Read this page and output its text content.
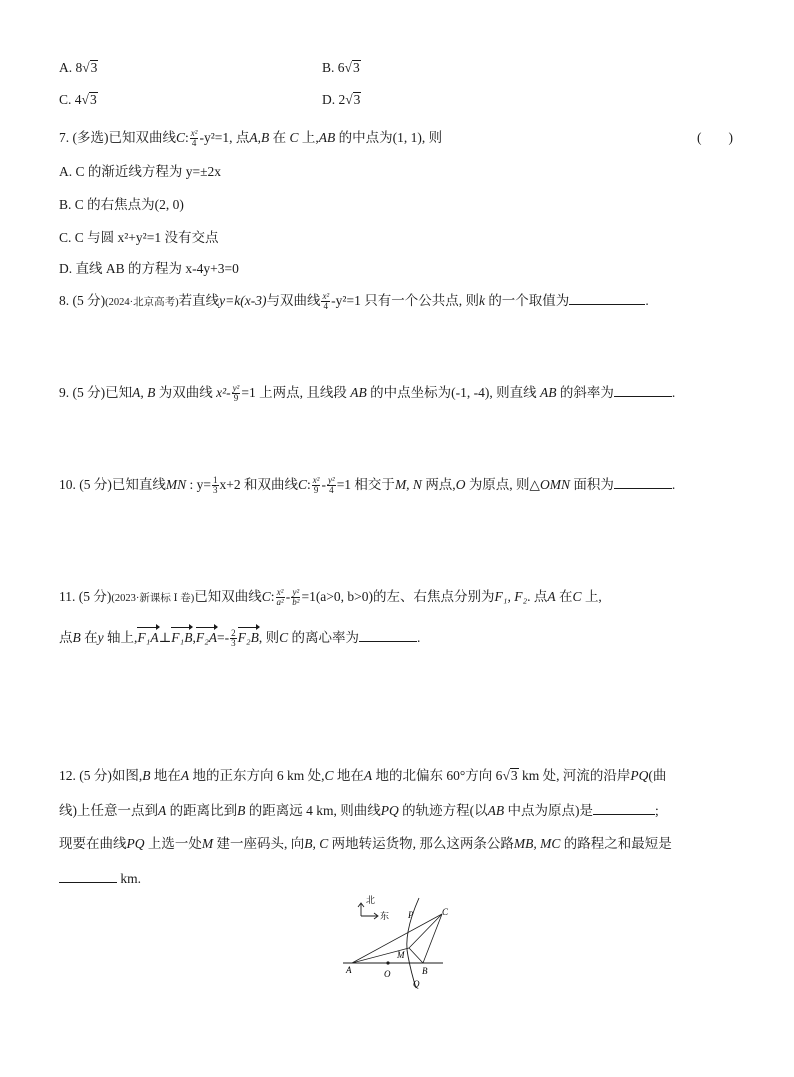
A. 8√3	B. 6√3
C. 4√3	D. 2√3
7. (多选)已知双曲线C: $\frac{\text{x²}}{4} -y^2=1$, 点A,B 在 C 上,AB 的中点为(1, 1), 则	(　　)
A. C 的渐近线方程为 y=±2x
B. C 的右焦点为(2, 0)
C. C 与圆 x²+y²=1 没有交点
D. 直线 AB 的方程为 x-4y+3=0
8. (5 分)(2024·北京高考)若直线y=k(x-3)与双曲线 $\frac{\text{x²}}{4} -y^2=1$ 只有一个公共点, 则k 的一个取值为	.
9. (5 分)已知A, B 为双曲线 $x^2- \frac{\text{y²}}{9} =1$ 上两点, 且线段 AB 的中点坐标为(-1, -4), 则直线 AB 的斜率为	.
10. (5 分)已知直线MN : $y= \frac{1}{3} x+2$ 和双曲线C: $\frac{\text{x²}}{9} - \frac{\text{y²}}{4} =1$ 相交于M, N 两点,O 为原点, 则△OMN 面积为	.
11. (5 分)(2023·新课标 Ⅰ 卷)已知双曲线C: $\frac{\text{x²}}{\text{a²}} - \frac{\text{y²}}{\text{b²}} =1(a>0$, b>0)的左、右焦点分别为F₁, F₂. 点A 在C 上,
点B 在y 轴上,F₁A⊥F₁B,F₂A=- $\frac{2}{3} F_2B$, 则C 的离心率为	.
12. (5 分)如图,B 地在A 地的正东方向 6 km 处,C 地在A 地的北偏东 60°方向 6√3 km 处, 河流的沿岸PQ(曲
线)上任意一点到A 的距离比到B 的距离远 4 km, 则曲线PQ 的轨迹方程(以AB 中点为原点)是	;
现要在曲线PQ 上选一处M 建一座码头, 向B, C 两地转运货物, 那么这两条公路MB, MC 的路程之和最短是
km.
北
东
A	O	B
M
P
Q
C
